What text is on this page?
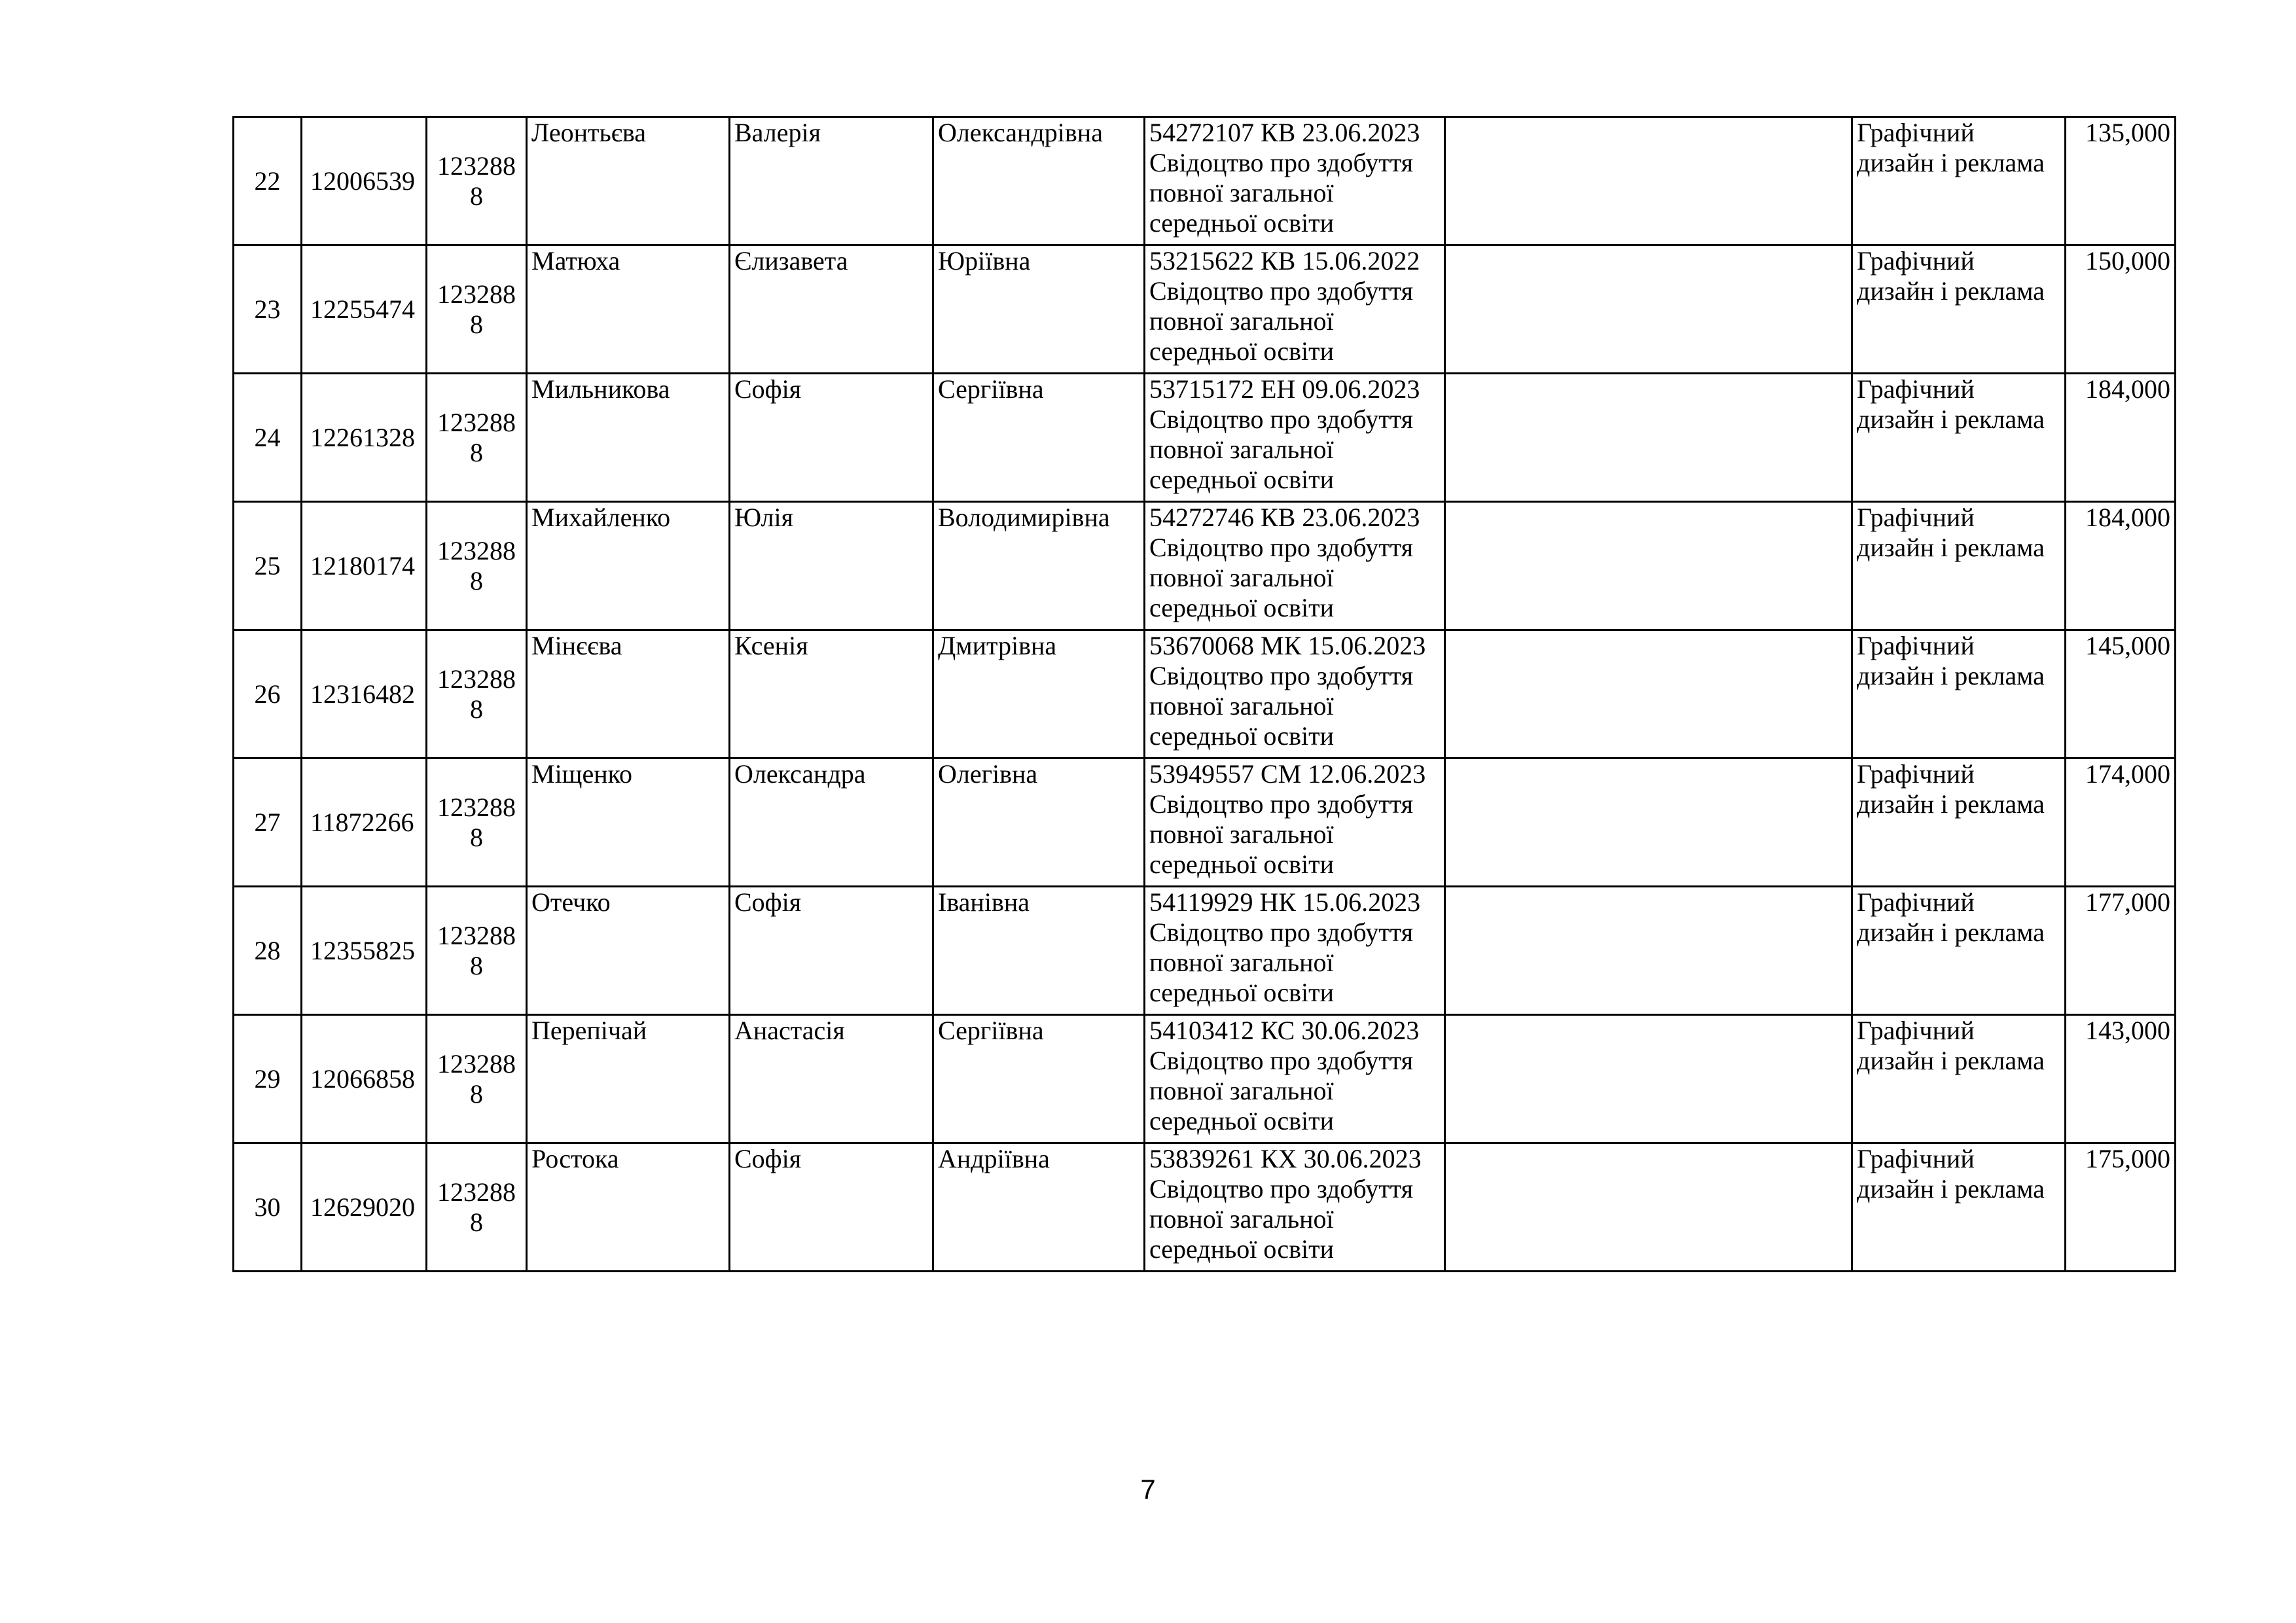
22	12006539	1232888	Леонтьєва	Валерія	Олександрівна	54272107 КВ 23.06.2023
Свідоцтво про здобуття
повної загальної
середньої освіти		Графічний
дизайн і реклама	135,000
23	12255474	1232888	Матюха	Єлизавета	Юріївна	53215622 КВ 15.06.2022
Свідоцтво про здобуття
повної загальної
середньої освіти		Графічний
дизайн і реклама	150,000
24	12261328	1232888	Мильникова	Софія	Сергіївна	53715172 ЕН 09.06.2023
Свідоцтво про здобуття
повної загальної
середньої освіти		Графічний
дизайн і реклама	184,000
25	12180174	1232888	Михайленко	Юлія	Володимирівна	54272746 КВ 23.06.2023
Свідоцтво про здобуття
повної загальної
середньої освіти		Графічний
дизайн і реклама	184,000
26	12316482	1232888	Мінєєва	Ксенія	Дмитрівна	53670068 МК 15.06.2023
Свідоцтво про здобуття
повної загальної
середньої освіти		Графічний
дизайн і реклама	145,000
27	11872266	1232888	Міщенко	Олександра	Олегівна	53949557 СМ 12.06.2023
Свідоцтво про здобуття
повної загальної
середньої освіти		Графічний
дизайн і реклама	174,000
28	12355825	1232888	Отечко	Софія	Іванівна	54119929 НК 15.06.2023
Свідоцтво про здобуття
повної загальної
середньої освіти		Графічний
дизайн і реклама	177,000
29	12066858	1232888	Перепічай	Анастасія	Сергіївна	54103412 КС 30.06.2023
Свідоцтво про здобуття
повної загальної
середньої освіти		Графічний
дизайн і реклама	143,000
30	12629020	1232888	Ростока	Софія	Андріївна	53839261 КХ 30.06.2023
Свідоцтво про здобуття
повної загальної
середньої освіти		Графічний
дизайн і реклама	175,000
7
